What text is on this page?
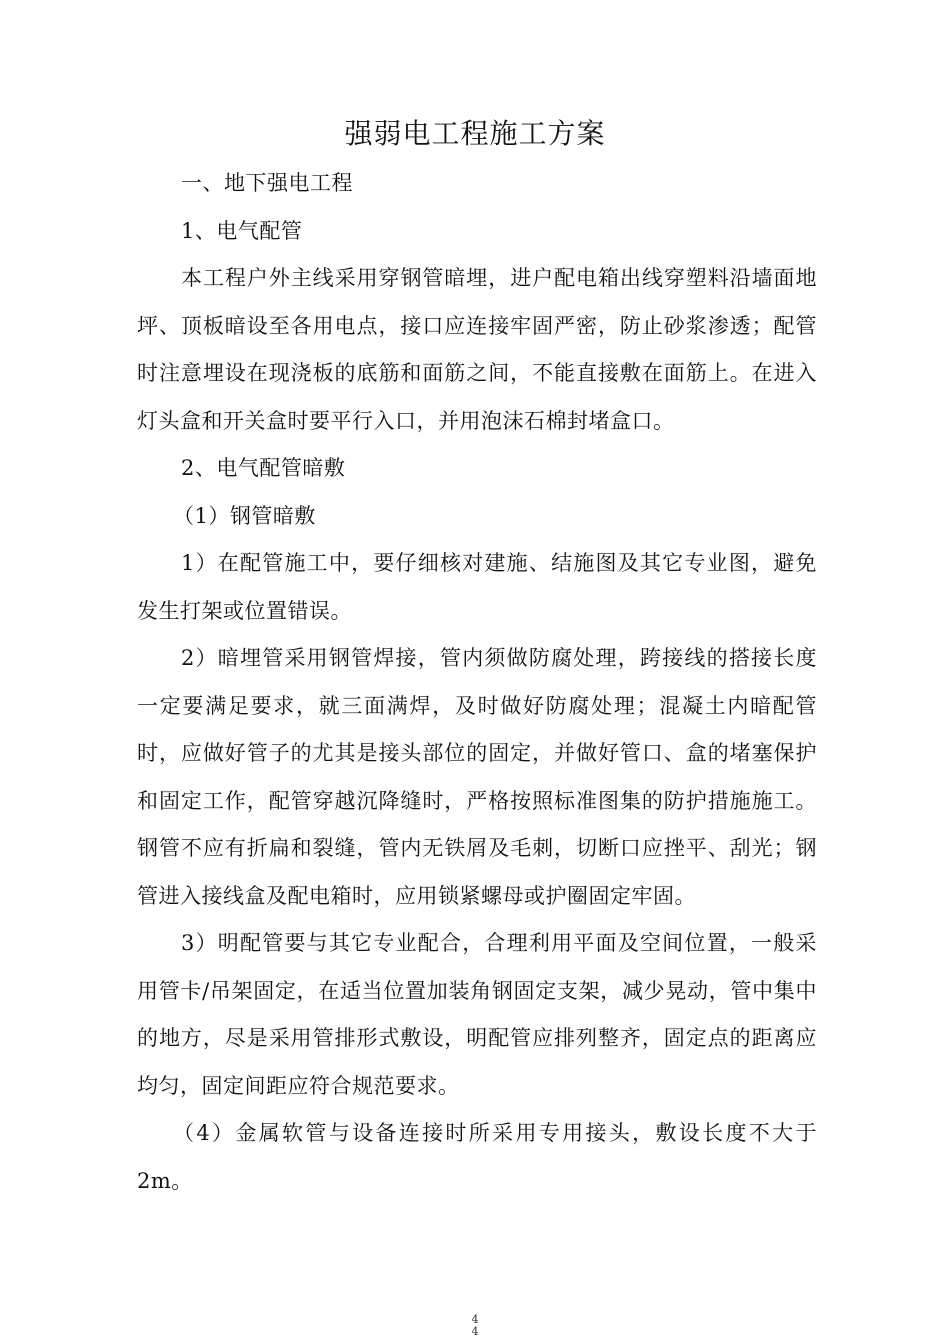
强弱电工程施工方案

一、地下强电工程

1、电气配管

本工程户外主线采用穿钢管暗埋，进户配电箱出线穿塑料沿墙面地坪、顶板暗设至各用电点，接口应连接牢固严密，防止砂浆渗透；配管时注意埋设在现浇板的底筋和面筋之间，不能直接敷在面筋上。在进入灯头盒和开关盒时要平行入口，并用泡沫石棉封堵盒口。

2、电气配管暗敷

（1）钢管暗敷

1）在配管施工中，要仔细核对建施、结施图及其它专业图，避免发生打架或位置错误。

2）暗埋管采用钢管焊接，管内须做防腐处理，跨接线的搭接长度一定要满足要求，就三面满焊，及时做好防腐处理；混凝土内暗配管时，应做好管子的尤其是接头部位的固定，并做好管口、盒的堵塞保护和固定工作，配管穿越沉降缝时，严格按照标准图集的防护措施施工。钢管不应有折扁和裂缝，管内无铁屑及毛刺，切断口应挫平、刮光；钢管进入接线盒及配电箱时，应用锁紧螺母或护圈固定牢固。

3）明配管要与其它专业配合，合理利用平面及空间位置，一般采用管卡/吊架固定，在适当位置加装角钢固定支架，减少晃动，管中集中的地方，尽是采用管排形式敷设，明配管应排列整齐，固定点的距离应均匀，固定间距应符合规范要求。

（4）金属软管与设备连接时所采用专用接头，敷设长度不大于2m。

4
4
